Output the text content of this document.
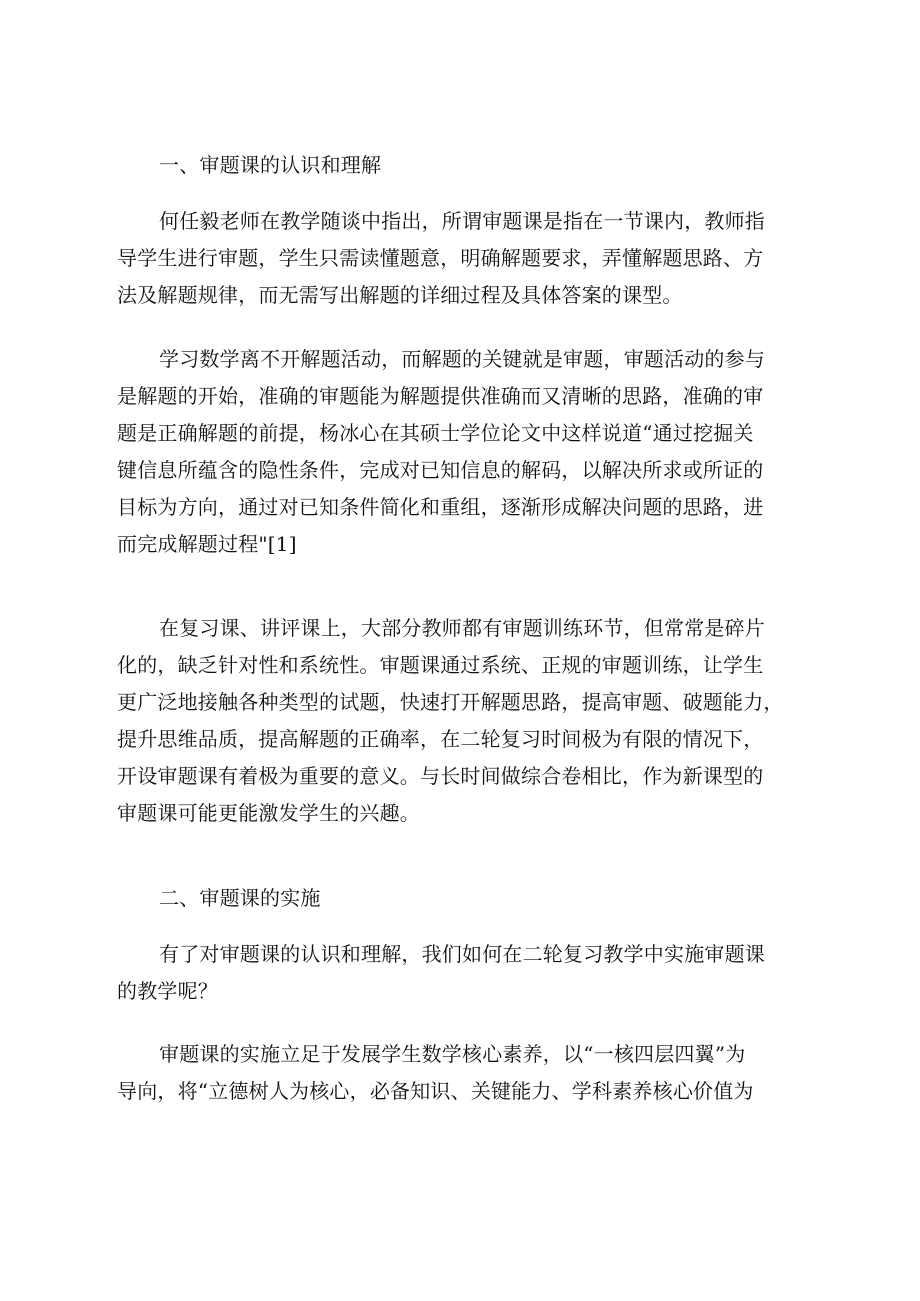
一、审题课的认识和理解

何任毅老师在教学随谈中指出，所谓审题课是指在一节课内，教师指
导学生进行审题，学生只需读懂题意，明确解题要求，弄懂解题思路、方
法及解题规律，而无需写出解题的详细过程及具体答案的课型。
学习数学离不开解题活动，而解题的关键就是审题，审题活动的参与
是解题的开始，准确的审题能为解题提供准确而又清晰的思路，准确的审
题是正确解题的前提，杨冰心在其硕士学位论文中这样说道“通过挖掘关
键信息所蕴含的隐性条件，完成对已知信息的解码，以解决所求或所证的
目标为方向，通过对已知条件简化和重组，逐渐形成解决问题的思路，进
而完成解题过程"[1]
在复习课、讲评课上，大部分教师都有审题训练环节，但常常是碎片
化的，缺乏针对性和系统性。审题课通过系统、正规的审题训练，让学生
更广泛地接触各种类型的试题，快速打开解题思路，提高审题、破题能力，
提升思维品质，提高解题的正确率，在二轮复习时间极为有限的情况下，
开设审题课有着极为重要的意义。与长时间做综合卷相比，作为新课型的
审题课可能更能激发学生的兴趣。

二、审题课的实施

有了对审题课的认识和理解，我们如何在二轮复习教学中实施审题课
的教学呢？
审题课的实施立足于发展学生数学核心素养，以“一核四层四翼”为
导向，将“立德树人为核心，必备知识、关键能力、学科素养核心价值为
